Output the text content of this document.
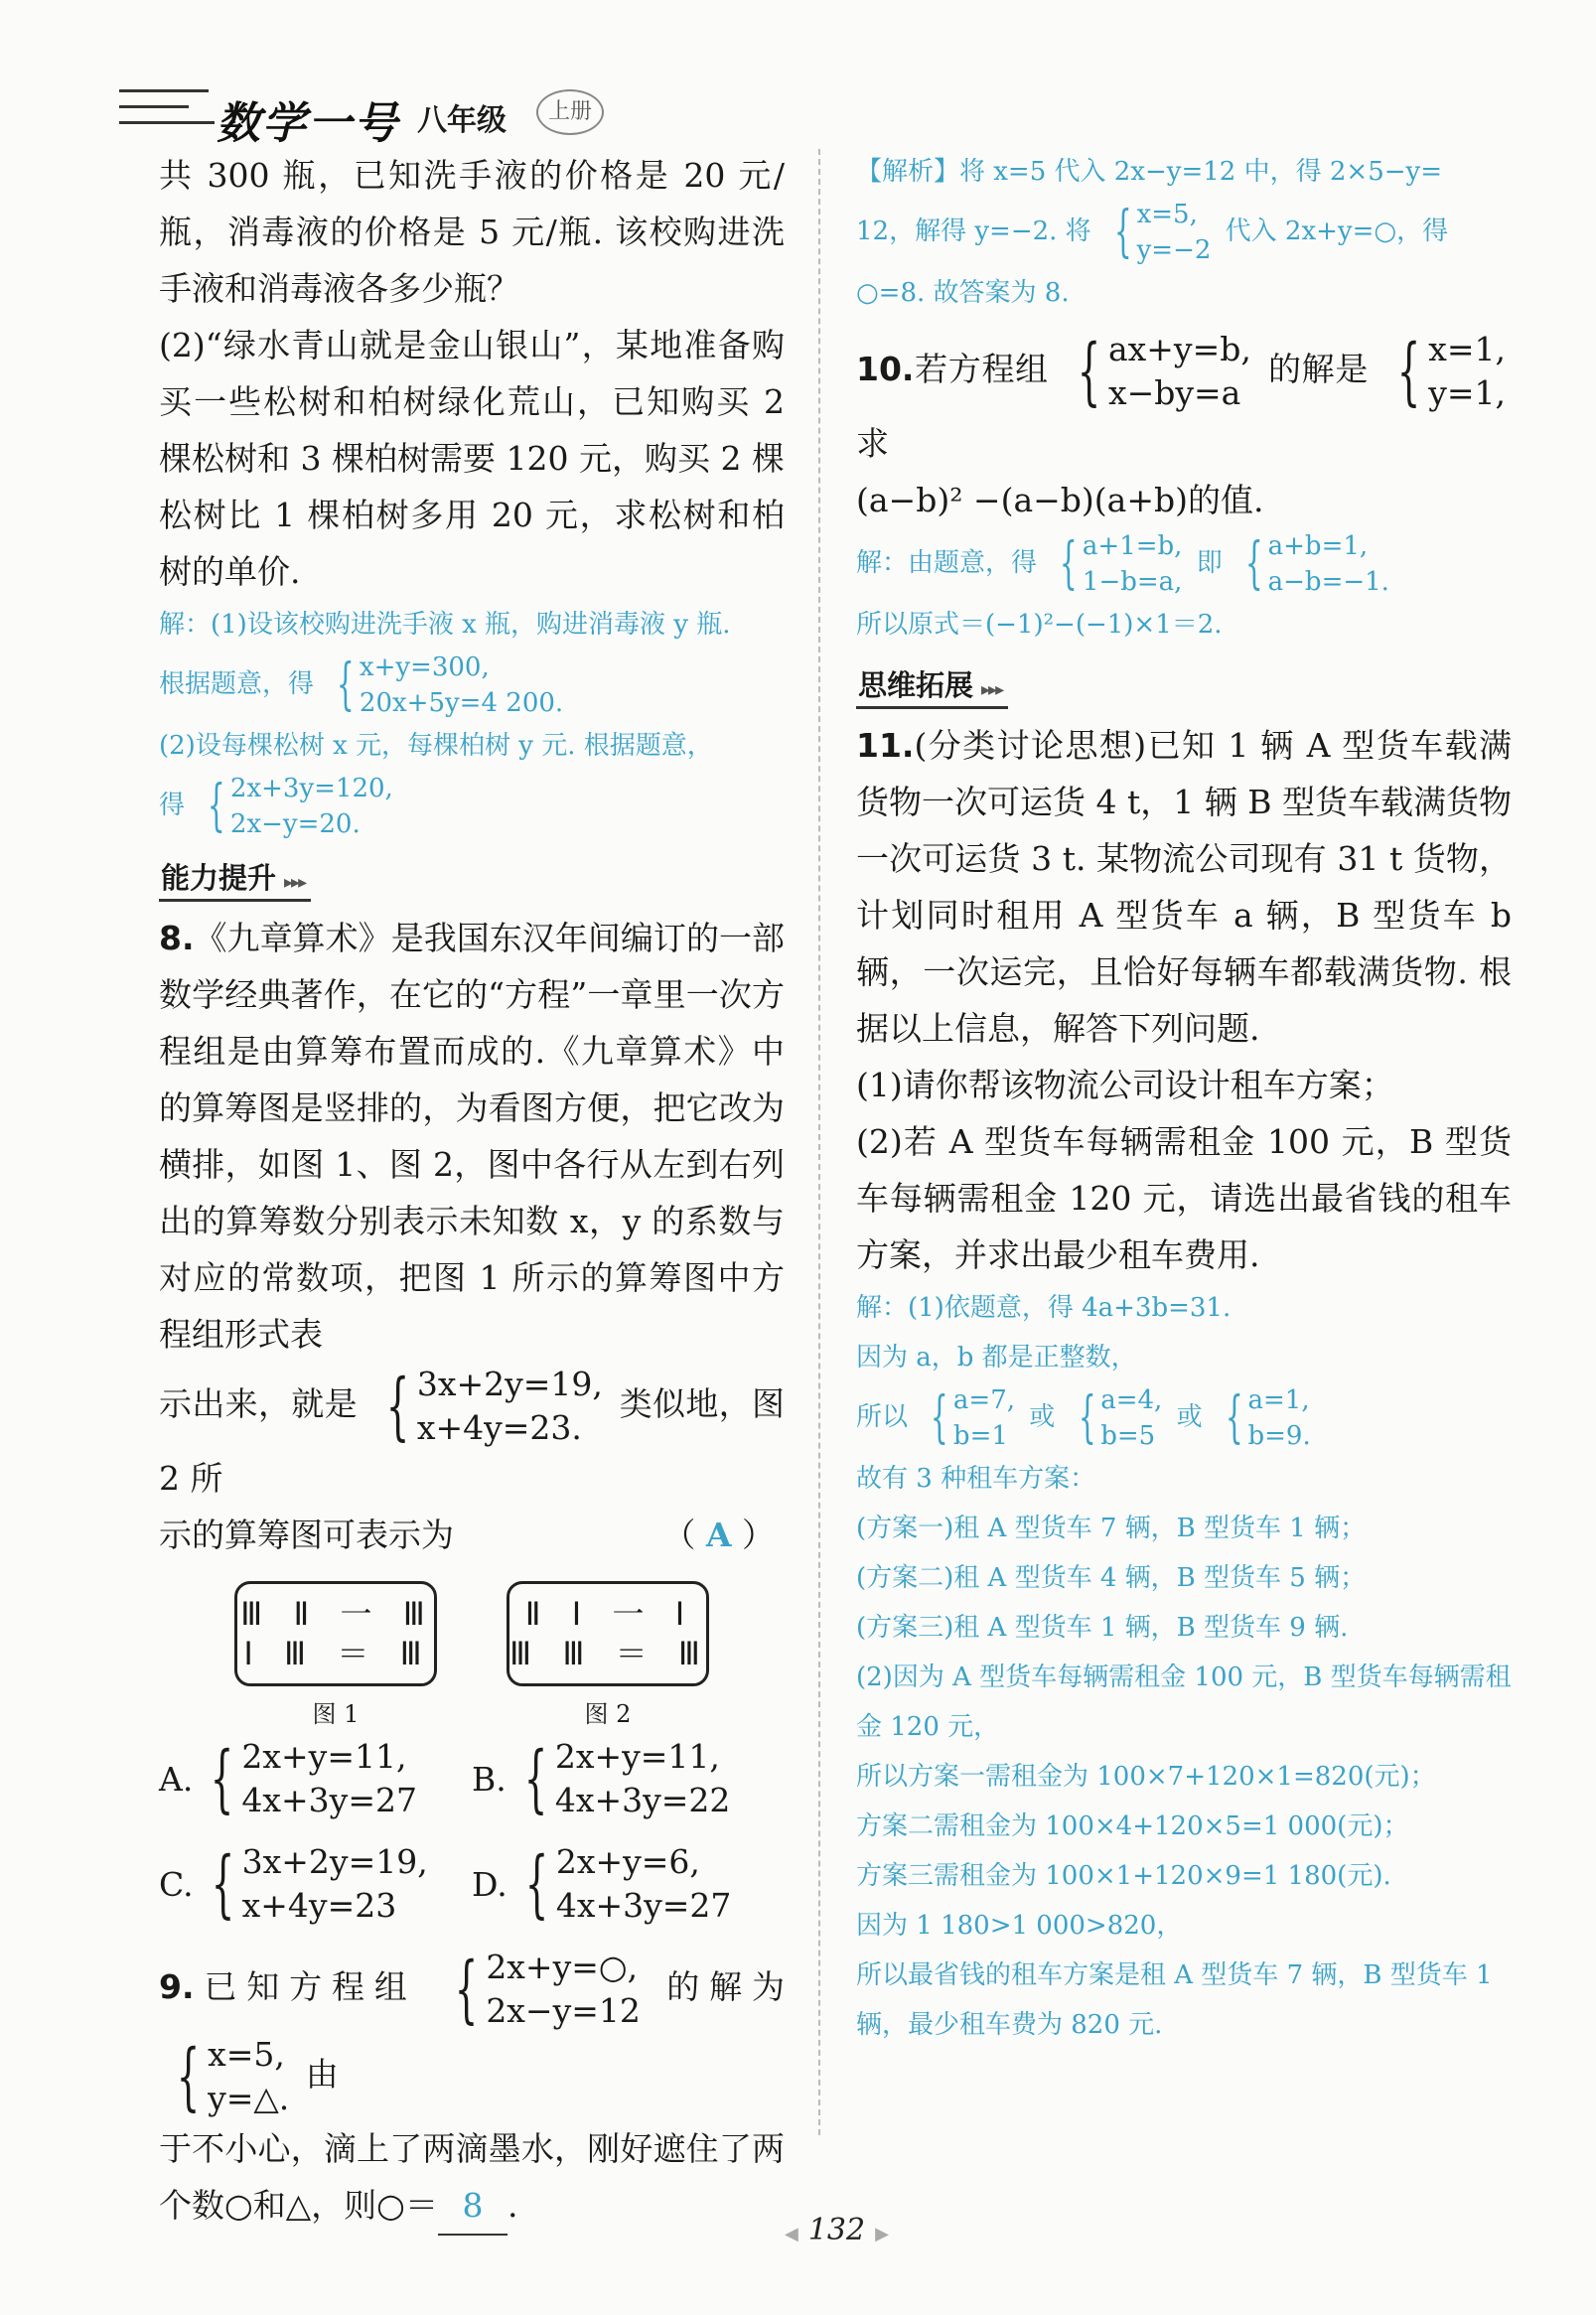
数学一号 八年级	上册

共 300 瓶，已知洗手液的价格是 20 元/瓶，消毒液的价格是 5 元/瓶. 该校购进洗手液和消毒液各多少瓶？

(2)“绿水青山就是金山银山”，某地准备购买一些松树和柏树绿化荒山，已知购买 2 棵松树和 3 棵柏树需要 120 元，购买 2 棵松树比 1 棵柏树多用 20 元，求松树和柏树的单价.

解：(1)设该校购进洗手液 x 瓶，购进消毒液 y 瓶.

根据题意，得 { x+y=300,
20x+5y=4 200.

(2)设每棵松树 x 元，每棵柏树 y 元. 根据题意，

得 { 2x+3y=120,
2x−y=20.
能力提升 ▸▸▸

8.《九章算术》是我国东汉年间编订的一部数学经典著作，在它的“方程”一章里一次方程组是由算筹布置而成的.《九章算术》中的算筹图是竖排的，为看图方便，把它改为横排，如图 1、图 2，图中各行从左到右列出的算筹数分别表示未知数 x，y 的系数与对应的常数项，把图 1 所示的算筹图中方程组形式表

示出来，就是 { 3x+2y=19,
x+4y=23.
类似地，图 2 所

示的算筹图可表示为	（ A ）

Ⅲ Ⅱ 一 Ⅲ
Ⅰ Ⅲ ＝ Ⅲ
图 1
Ⅱ Ⅰ 一 Ⅰ
Ⅲ Ⅲ ＝ Ⅲ
图 2
A. { 2x+y=11,
4x+3y=27
B. { 2x+y=11,
4x+3y=22
C. { 3x+2y=19,
x+4y=23
D. { 2x+y=6,
4x+3y=27
9.已知方程组 { 2x+y=○,
2x−y=12
的解为
{ x=5,
y=△.
由

于不小心，滴上了两滴墨水，刚好遮住了两个数○和△，则○＝ 8 .

【解析】将 x=5 代入 2x−y=12 中，得 2×5−y=

12，解得 y=−2. 将 { x=5,
y=−2
代入 2x+y=○，得

○=8. 故答案为 8.

10.若方程组 { ax+y=b,
x−by=a
的解是 { x=1,
y=1,
求

(a−b)² −(a−b)(a+b)的值.

解：由题意，得 { a+1=b,
1−b=a,
即 { a+b=1,
a−b=−1.

所以原式＝(−1)²−(−1)×1＝2.

思维拓展 ▸▸▸

11.(分类讨论思想)已知 1 辆 A 型货车载满货物一次可运货 4 t，1 辆 B 型货车载满货物一次可运货 3 t. 某物流公司现有 31 t 货物，计划同时租用 A 型货车 a 辆，B 型货车 b 辆，一次运完，且恰好每辆车都载满货物. 根据以上信息，解答下列问题.

(1)请你帮该物流公司设计租车方案；

(2)若 A 型货车每辆需租金 100 元，B 型货车每辆需租金 120 元，请选出最省钱的租车方案，并求出最少租车费用.

解：(1)依题意，得 4a+3b=31.

因为 a，b 都是正整数，

所以 { a=7,
b=1
或 { a=4,
b=5
或 { a=1,
b=9.

故有 3 种租车方案：

(方案一)租 A 型货车 7 辆，B 型货车 1 辆；

(方案二)租 A 型货车 4 辆，B 型货车 5 辆；

(方案三)租 A 型货车 1 辆，B 型货车 9 辆.

(2)因为 A 型货车每辆需租金 100 元，B 型货车每辆需租金 120 元，

所以方案一需租金为 100×7+120×1=820(元)；

方案二需租金为 100×4+120×5=1 000(元)；

方案三需租金为 100×1+120×9=1 180(元).

因为 1 180>1 000>820，

所以最省钱的租车方案是租 A 型货车 7 辆，B 型货车 1 辆，最少租车费为 820 元.

◀ 132 ▶
